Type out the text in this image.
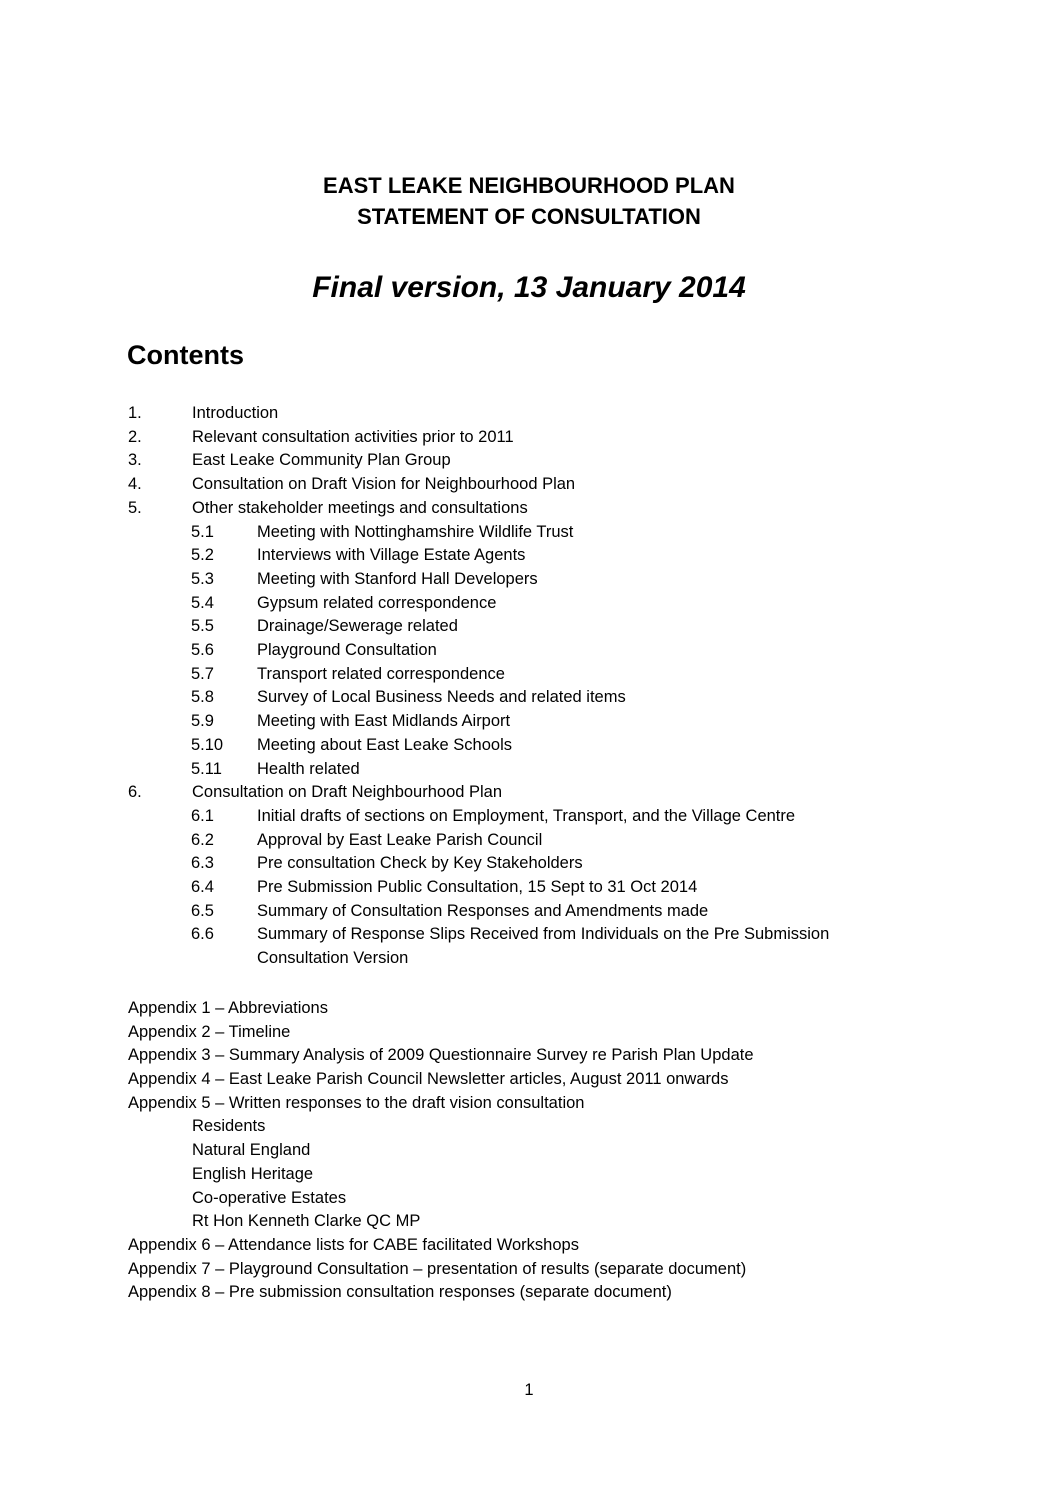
EAST LEAKE NEIGHBOURHOOD PLAN
STATEMENT OF CONSULTATION
Final version, 13 January 2014
Contents
1.	Introduction
2.	Relevant consultation activities prior to 2011
3.	East Leake Community Plan Group
4.	Consultation on Draft Vision for Neighbourhood Plan
5.	Other stakeholder meetings and consultations
5.1	Meeting with Nottinghamshire Wildlife Trust
5.2	Interviews with Village Estate Agents
5.3	Meeting with Stanford Hall Developers
5.4	Gypsum related correspondence
5.5	Drainage/Sewerage related
5.6	Playground Consultation
5.7	Transport related correspondence
5.8	Survey of Local Business Needs and related items
5.9	Meeting with East Midlands Airport
5.10	Meeting about East Leake Schools
5.11	Health related
6.	Consultation on Draft Neighbourhood Plan
6.1	Initial drafts of sections on Employment, Transport, and the Village Centre
6.2	Approval by East Leake Parish Council
6.3	Pre consultation Check by Key Stakeholders
6.4	Pre Submission Public Consultation, 15 Sept to 31 Oct 2014
6.5	Summary of Consultation Responses and Amendments made
6.6	Summary of Response Slips Received from Individuals on the Pre Submission
Consultation Version
Appendix 1 – Abbreviations
Appendix 2 – Timeline
Appendix 3 – Summary Analysis of 2009 Questionnaire Survey re Parish Plan Update
Appendix 4 – East Leake Parish Council Newsletter articles, August 2011 onwards
Appendix 5 – Written responses to the draft vision consultation
Residents
Natural England
English Heritage
Co-operative Estates
Rt Hon Kenneth Clarke QC MP
Appendix 6 – Attendance lists for CABE facilitated Workshops
Appendix 7 – Playground Consultation – presentation of results (separate document)
Appendix 8 – Pre submission consultation responses (separate document)
1
